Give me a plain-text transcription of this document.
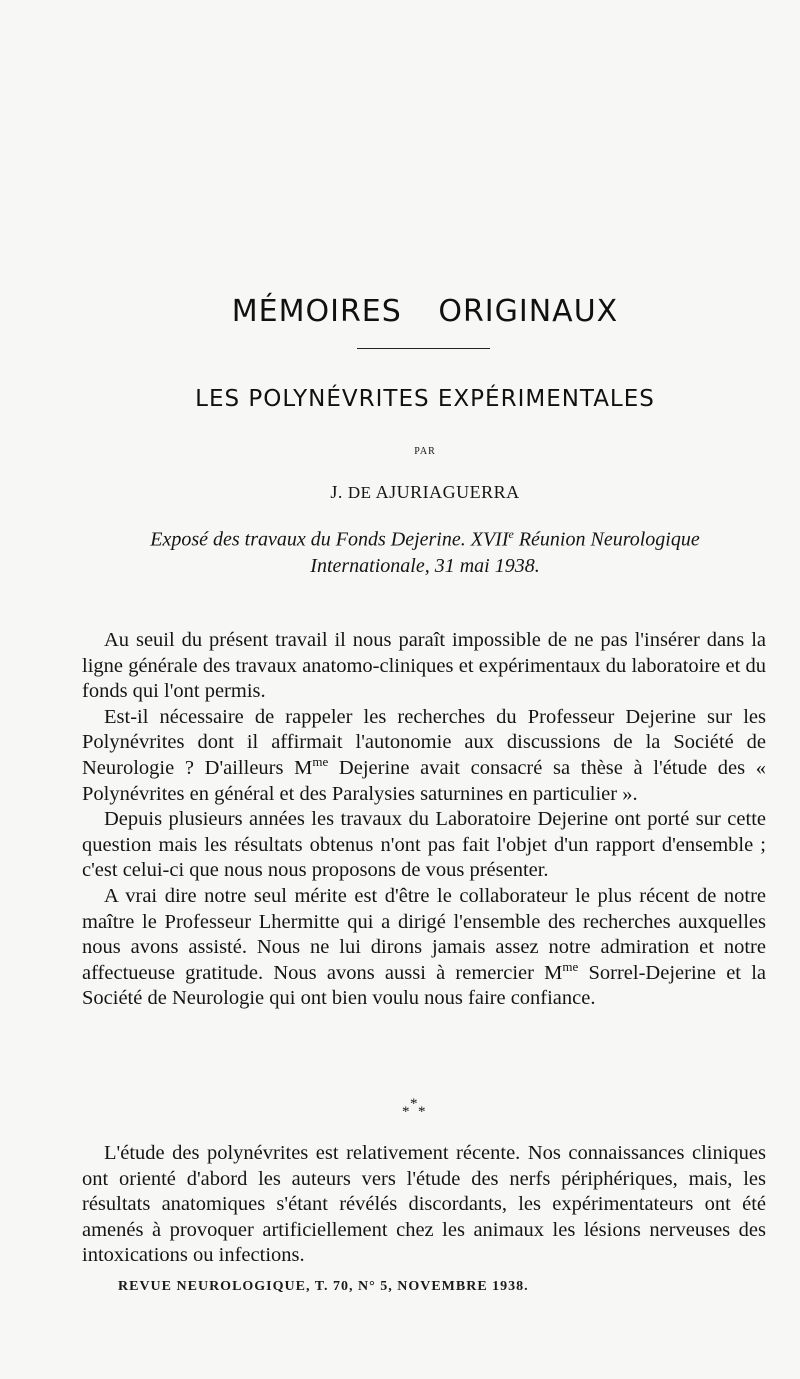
MÉMOIRES ORIGINAUX
LES POLYNÉVRITES EXPÉRIMENTALES
PAR
J. DE AJURIAGUERRA
Exposé des travaux du Fonds Dejerine. XVIIe Réunion Neurologique
Internationale, 31 mai 1938.

Au seuil du présent travail il nous paraît impossible de ne pas l'insérer dans la ligne générale des travaux anatomo-cliniques et expérimentaux du laboratoire et du fonds qui l'ont permis.

Est-il nécessaire de rappeler les recherches du Professeur Dejerine sur les Polynévrites dont il affirmait l'autonomie aux discussions de la Société de Neurologie ? D'ailleurs $M^{me}$ Dejerine avait consacré sa thèse à l'étude des « Polynévrites en général et des Paralysies saturnines en particulier ».

Depuis plusieurs années les travaux du Laboratoire Dejerine ont porté sur cette question mais les résultats obtenus n'ont pas fait l'objet d'un rapport d'ensemble ; c'est celui-ci que nous nous proposons de vous présenter.

A vrai dire notre seul mérite est d'être le collaborateur le plus récent de notre maître le Professeur Lhermitte qui a dirigé l'ensemble des recherches auxquelles nous avons assisté. Nous ne lui dirons jamais assez notre admiration et notre affectueuse gratitude. Nous avons aussi à remercier $M^{me}$ Sorrel-Dejerine et la Société de Neurologie qui ont bien voulu nous faire confiance.

*
* *

L'étude des polynévrites est relativement récente. Nos connaissances cliniques ont orienté d'abord les auteurs vers l'étude des nerfs périphériques, mais, les résultats anatomiques s'étant révélés discordants, les expérimentateurs ont été amenés à provoquer artificiellement chez les animaux les lésions nerveuses des intoxications ou infections.

REVUE NEUROLOGIQUE, T. 70, N° 5, NOVEMBRE 1938.
